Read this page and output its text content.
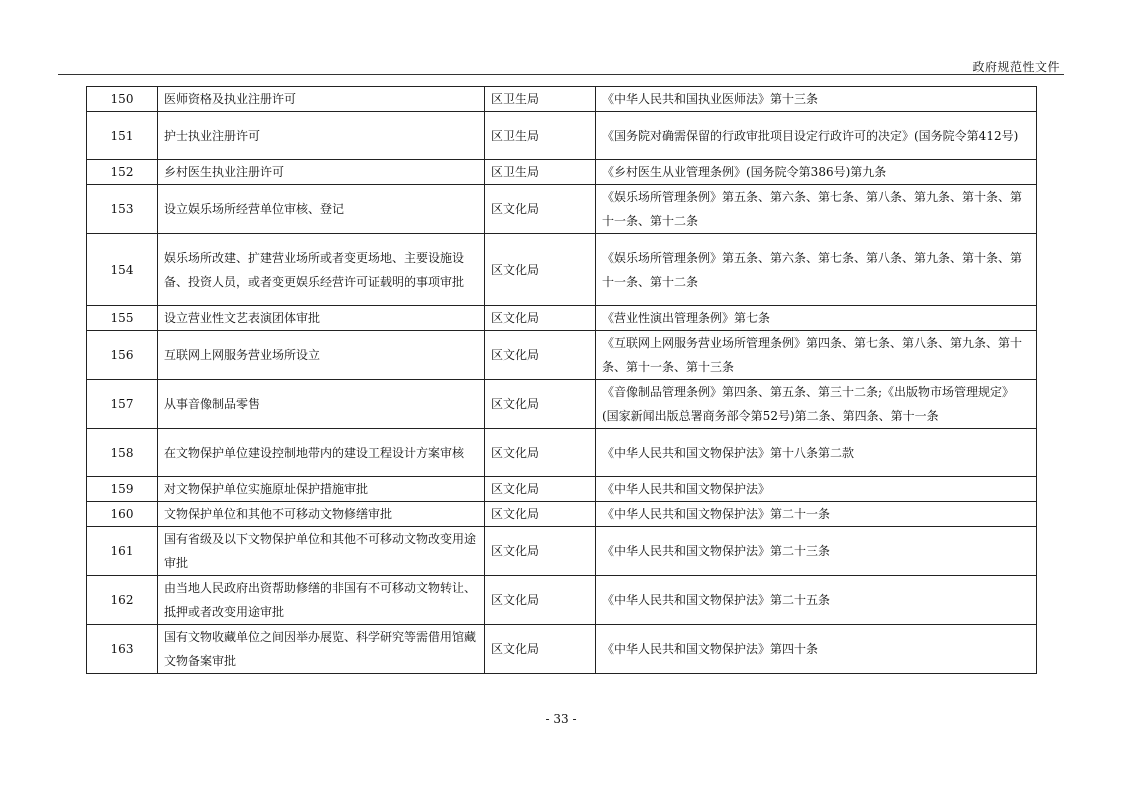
政府规范性文件
150	医师资格及执业注册许可	区卫生局	《中华人民共和国执业医师法》第十三条
151	护士执业注册许可	区卫生局	《国务院对确需保留的行政审批项目设定行政许可的决定》(国务院令第412号)
152	乡村医生执业注册许可	区卫生局	《乡村医生从业管理条例》(国务院令第386号)第九条
153	设立娱乐场所经营单位审核、登记	区文化局	《娱乐场所管理条例》第五条、第六条、第七条、第八条、第九条、第十条、第十一条、第十二条
154	娱乐场所改建、扩建营业场所或者变更场地、主要设施设备、投资人员，或者变更娱乐经营许可证载明的事项审批	区文化局	《娱乐场所管理条例》第五条、第六条、第七条、第八条、第九条、第十条、第十一条、第十二条
155	设立营业性文艺表演团体审批	区文化局	《营业性演出管理条例》第七条
156	互联网上网服务营业场所设立	区文化局	《互联网上网服务营业场所管理条例》第四条、第七条、第八条、第九条、第十条、第十一条、第十三条
157	从事音像制品零售	区文化局	《音像制品管理条例》第四条、第五条、第三十二条;《出版物市场管理规定》(国家新闻出版总署商务部令第52号)第二条、第四条、第十一条
158	在文物保护单位建设控制地带内的建设工程设计方案审核	区文化局	《中华人民共和国文物保护法》第十八条第二款
159	对文物保护单位实施原址保护措施审批	区文化局	《中华人民共和国文物保护法》
160	文物保护单位和其他不可移动文物修缮审批	区文化局	《中华人民共和国文物保护法》第二十一条
161	国有省级及以下文物保护单位和其他不可移动文物改变用途审批	区文化局	《中华人民共和国文物保护法》第二十三条
162	由当地人民政府出资帮助修缮的非国有不可移动文物转让、抵押或者改变用途审批	区文化局	《中华人民共和国文物保护法》第二十五条
163	国有文物收藏单位之间因举办展览、科学研究等需借用馆藏文物备案审批	区文化局	《中华人民共和国文物保护法》第四十条
- 33 -
